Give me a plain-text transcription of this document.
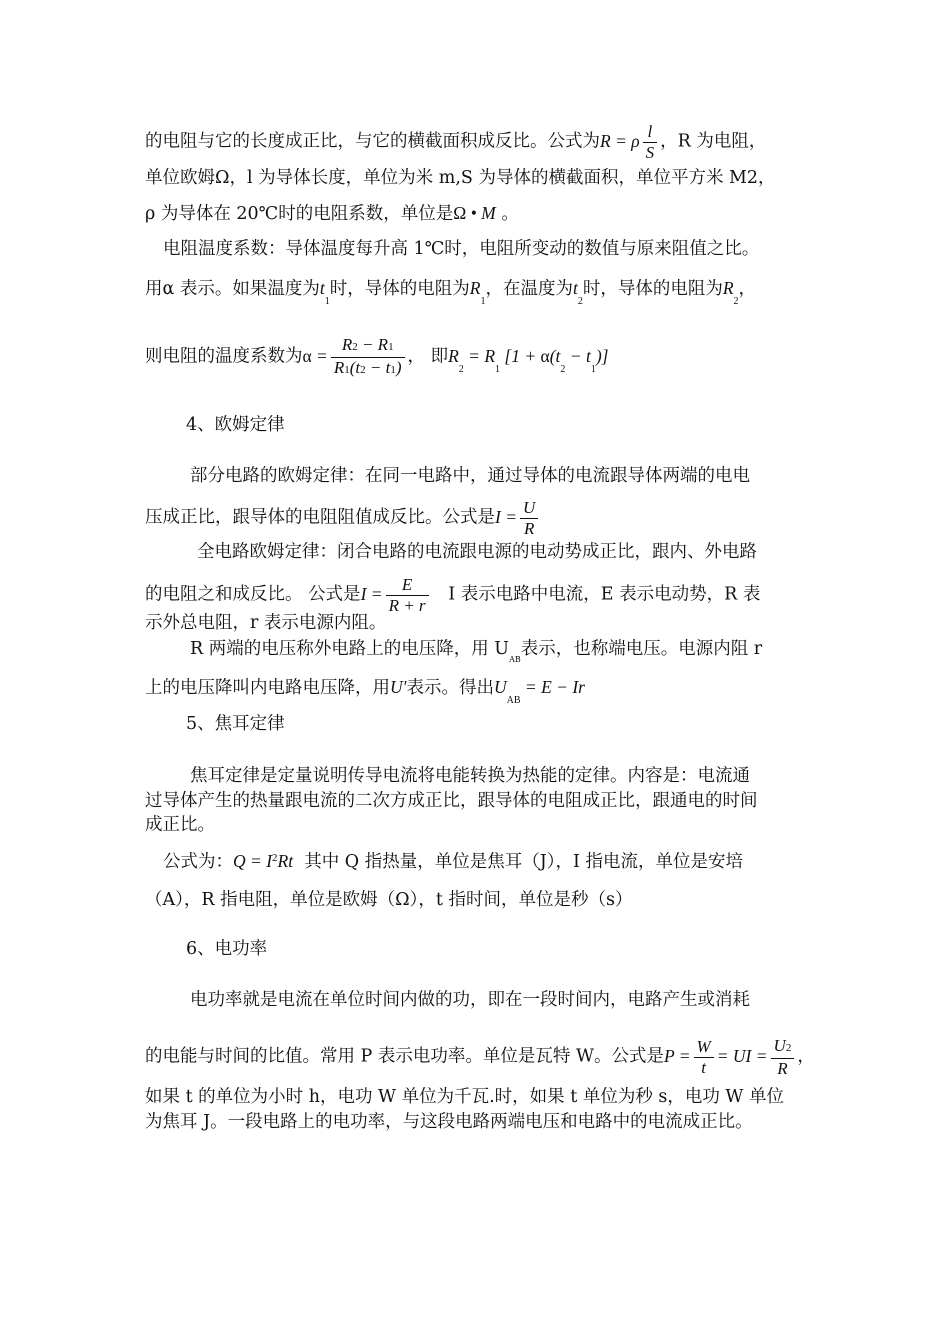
的电阻与它的长度成正比，与它的横截面积成反比。公式为R = ρ $\frac{l}{S}$ ，R 为电阻，
单位欧姆Ω，l 为导体长度，单位为米 m,S 为导体的横截面积，单位平方米 M2，
ρ 为导体在 20℃时的电阻系数，单位是Ω • M 。
电阻温度系数：导体温度每升高 1℃时，电阻所变动的数值与原来阻值之比。
用α 表示。如果温度为$t_1$时，导体的电阻为$R_1$，在温度为$t_2$时，导体的电阻为$R_2$，
则电阻的温度系数为$\alpha = \frac{R2 - R1}{R1(t2 - t1)}$ ， 即$R_2 = R_1$ $[1 + \alpha(t_2 - t_1)]$
4、欧姆定律
部分电路的欧姆定律：在同一电路中，通过导体的电流跟导体两端的电电
压成正比，跟导体的电阻阻值成反比。公式是$I = \frac{U}{R}$
全电路欧姆定律：闭合电路的电流跟电源的电动势成正比，跟内、外电路
的电阻之和成反比。 公式是$I = \frac{E}{R + r}$ I 表示电路中电流，E 表示电动势，R 表
示外总电阻，r 表示电源内阻。
R 两端的电压称外电路上的电压降，用 $U_{AB}$表示，也称端电压。电源内阻 r
上的电压降叫内电路电压降，用U′表示。得出$U_{AB} = E - Ir$
5、焦耳定律
焦耳定律是定量说明传导电流将电能转换为热能的定律。内容是：电流通
过导体产生的热量跟电流的二次方成正比，跟导体的电阻成正比，跟通电的时间
成正比。
公式为：$Q = I^2Rt$ 其中 Q 指热量，单位是焦耳（J），I 指电流，单位是安培
（A），R 指电阻，单位是欧姆（Ω），t 指时间，单位是秒（s）
6、电功率
电功率就是电流在单位时间内做的功，即在一段时间内，电路产生或消耗
的电能与时间的比值。常用 P 表示电功率。单位是瓦特 W。公式是$P = \frac{W}{t}$ = UI = $\frac{U2}{R}$ ，
如果 t 的单位为小时 h，电功 W 单位为千瓦.时，如果 t 单位为秒 s，电功 W 单位
为焦耳 J。一段电路上的电功率，与这段电路两端电压和电路中的电流成正比。
